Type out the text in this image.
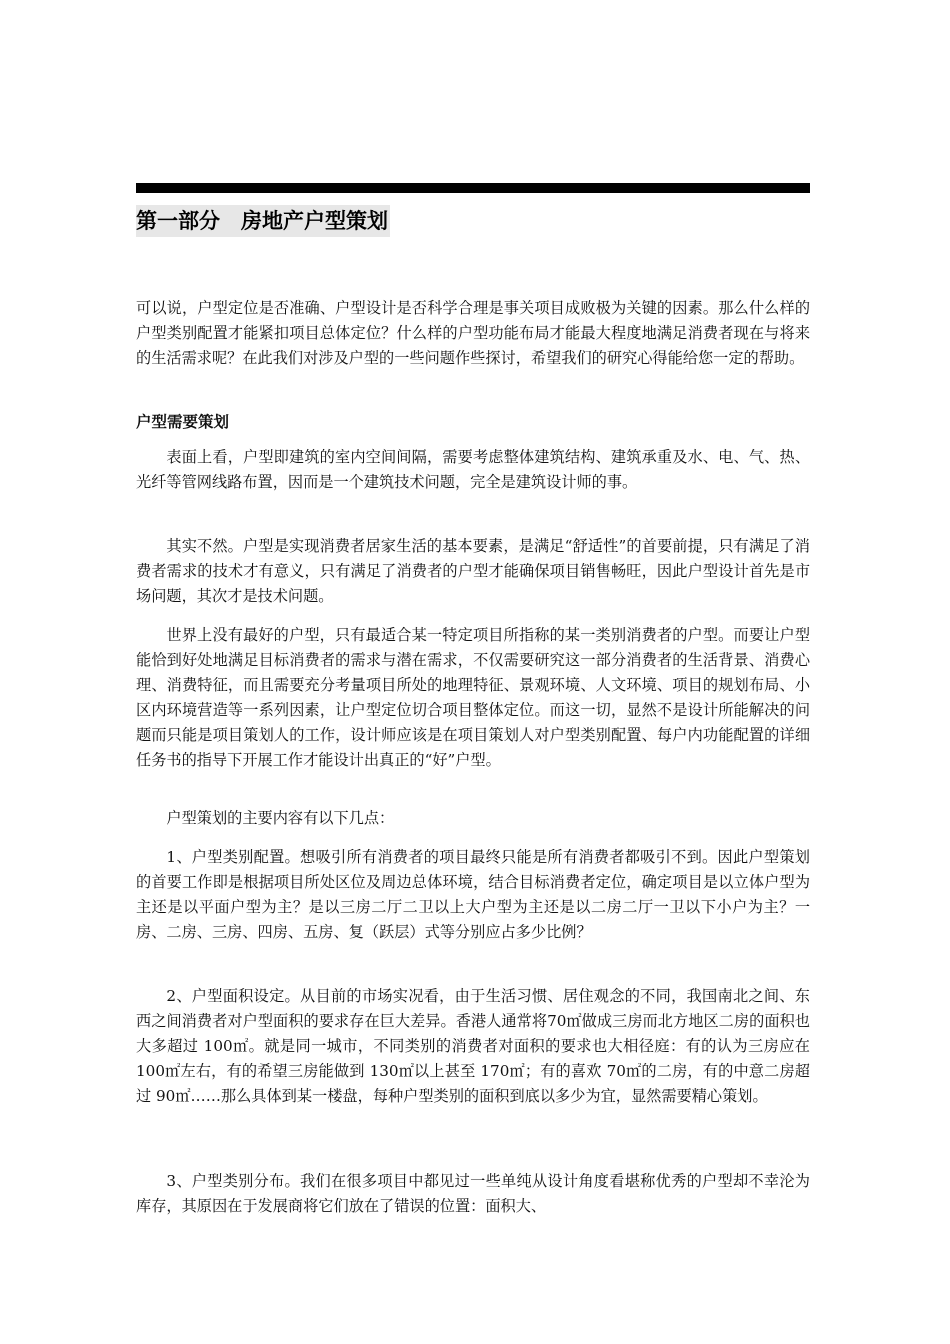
第一部分　房地产户型策划

可以说，户型定位是否准确、户型设计是否科学合理是事关项目成败极为关键的因素。那么什么样的户型类别配置才能紧扣项目总体定位？什么样的户型功能布局才能最大程度地满足消费者现在与将来的生活需求呢？在此我们对涉及户型的一些问题作些探讨，希望我们的研究心得能给您一定的帮助。

户型需要策划

表面上看，户型即建筑的室内空间间隔，需要考虑整体建筑结构、建筑承重及水、电、气、热、光纤等管网线路布置，因而是一个建筑技术问题，完全是建筑设计师的事。

其实不然。户型是实现消费者居家生活的基本要素，是满足“舒适性”的首要前提，只有满足了消费者需求的技术才有意义，只有满足了消费者的户型才能确保项目销售畅旺，因此户型设计首先是市场问题，其次才是技术问题。

世界上没有最好的户型，只有最适合某一特定项目所指称的某一类别消费者的户型。而要让户型能恰到好处地满足目标消费者的需求与潜在需求，不仅需要研究这一部分消费者的生活背景、消费心理、消费特征，而且需要充分考量项目所处的地理特征、景观环境、人文环境、项目的规划布局、小区内环境营造等一系列因素，让户型定位切合项目整体定位。而这一切，显然不是设计所能解决的问题而只能是项目策划人的工作，设计师应该是在项目策划人对户型类别配置、每户内功能配置的详细任务书的指导下开展工作才能设计出真正的“好”户型。

户型策划的主要内容有以下几点：

1、户型类别配置。想吸引所有消费者的项目最终只能是所有消费者都吸引不到。因此户型策划的首要工作即是根据项目所处区位及周边总体环境，结合目标消费者定位，确定项目是以立体户型为主还是以平面户型为主？是以三房二厅二卫以上大户型为主还是以二房二厅一卫以下小户为主？一房、二房、三房、四房、五房、复（跃层）式等分别应占多少比例？

2、户型面积设定。从目前的市场实况看，由于生活习惯、居住观念的不同，我国南北之间、东西之间消费者对户型面积的要求存在巨大差异。香港人通常将70㎡做成三房而北方地区二房的面积也大多超过 100㎡。就是同一城市，不同类别的消费者对面积的要求也大相径庭：有的认为三房应在 100㎡左右，有的希望三房能做到 130㎡以上甚至 170㎡；有的喜欢 70㎡的二房，有的中意二房超过 90㎡……那么具体到某一楼盘，每种户型类别的面积到底以多少为宜，显然需要精心策划。

3、户型类别分布。我们在很多项目中都见过一些单纯从设计角度看堪称优秀的户型却不幸沦为库存，其原因在于发展商将它们放在了错误的位置：面积大、
